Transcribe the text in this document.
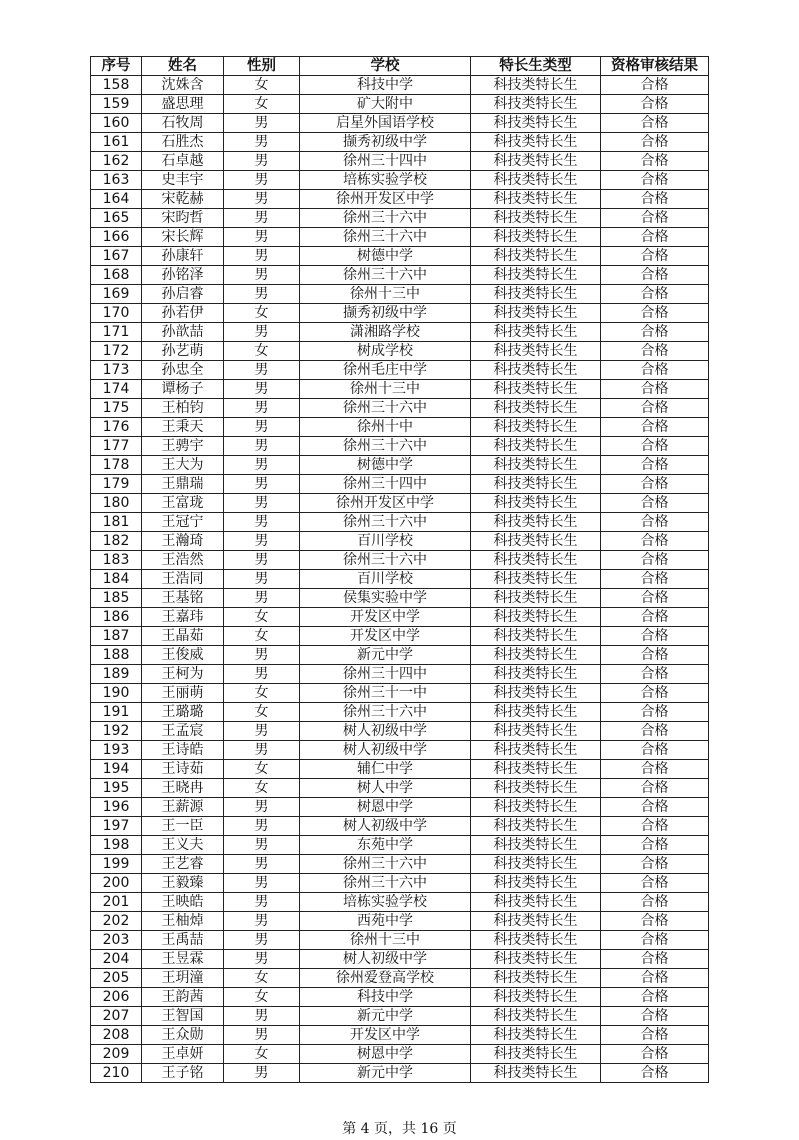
序号	姓名	性别	学校	特长生类型	资格审核结果
158	沈姝含	女	科技中学	科技类特长生	合格
159	盛思理	女	矿大附中	科技类特长生	合格
160	石牧周	男	启星外国语学校	科技类特长生	合格
161	石胜杰	男	撷秀初级中学	科技类特长生	合格
162	石卓越	男	徐州三十四中	科技类特长生	合格
163	史丰宇	男	培栋实验学校	科技类特长生	合格
164	宋乾赫	男	徐州开发区中学	科技类特长生	合格
165	宋昀哲	男	徐州三十六中	科技类特长生	合格
166	宋长辉	男	徐州三十六中	科技类特长生	合格
167	孙康轩	男	树德中学	科技类特长生	合格
168	孙铭泽	男	徐州三十六中	科技类特长生	合格
169	孙启睿	男	徐州十三中	科技类特长生	合格
170	孙若伊	女	撷秀初级中学	科技类特长生	合格
171	孙歆喆	男	潇湘路学校	科技类特长生	合格
172	孙艺萌	女	树成学校	科技类特长生	合格
173	孙忠全	男	徐州毛庄中学	科技类特长生	合格
174	谭杨子	男	徐州十三中	科技类特长生	合格
175	王柏钧	男	徐州三十六中	科技类特长生	合格
176	王秉天	男	徐州十中	科技类特长生	合格
177	王骋宇	男	徐州三十六中	科技类特长生	合格
178	王大为	男	树德中学	科技类特长生	合格
179	王鼎瑞	男	徐州三十四中	科技类特长生	合格
180	王富珑	男	徐州开发区中学	科技类特长生	合格
181	王冠宁	男	徐州三十六中	科技类特长生	合格
182	王瀚琦	男	百川学校	科技类特长生	合格
183	王浩然	男	徐州三十六中	科技类特长生	合格
184	王浩同	男	百川学校	科技类特长生	合格
185	王基铭	男	侯集实验中学	科技类特长生	合格
186	王嘉玮	女	开发区中学	科技类特长生	合格
187	王晶茹	女	开发区中学	科技类特长生	合格
188	王俊威	男	新元中学	科技类特长生	合格
189	王柯为	男	徐州三十四中	科技类特长生	合格
190	王丽萌	女	徐州三十一中	科技类特长生	合格
191	王璐璐	女	徐州三十六中	科技类特长生	合格
192	王孟宸	男	树人初级中学	科技类特长生	合格
193	王诗皓	男	树人初级中学	科技类特长生	合格
194	王诗茹	女	辅仁中学	科技类特长生	合格
195	王晓冉	女	树人中学	科技类特长生	合格
196	王薪源	男	树恩中学	科技类特长生	合格
197	王一臣	男	树人初级中学	科技类特长生	合格
198	王义夫	男	东苑中学	科技类特长生	合格
199	王艺睿	男	徐州三十六中	科技类特长生	合格
200	王毅臻	男	徐州三十六中	科技类特长生	合格
201	王映皓	男	培栋实验学校	科技类特长生	合格
202	王柚焯	男	西苑中学	科技类特长生	合格
203	王禹喆	男	徐州十三中	科技类特长生	合格
204	王昱霖	男	树人初级中学	科技类特长生	合格
205	王玥潼	女	徐州爱登高学校	科技类特长生	合格
206	王韵茜	女	科技中学	科技类特长生	合格
207	王智国	男	新元中学	科技类特长生	合格
208	王众勋	男	开发区中学	科技类特长生	合格
209	王卓妍	女	树恩中学	科技类特长生	合格
210	王子铭	男	新元中学	科技类特长生	合格
第 4 页，共 16 页
